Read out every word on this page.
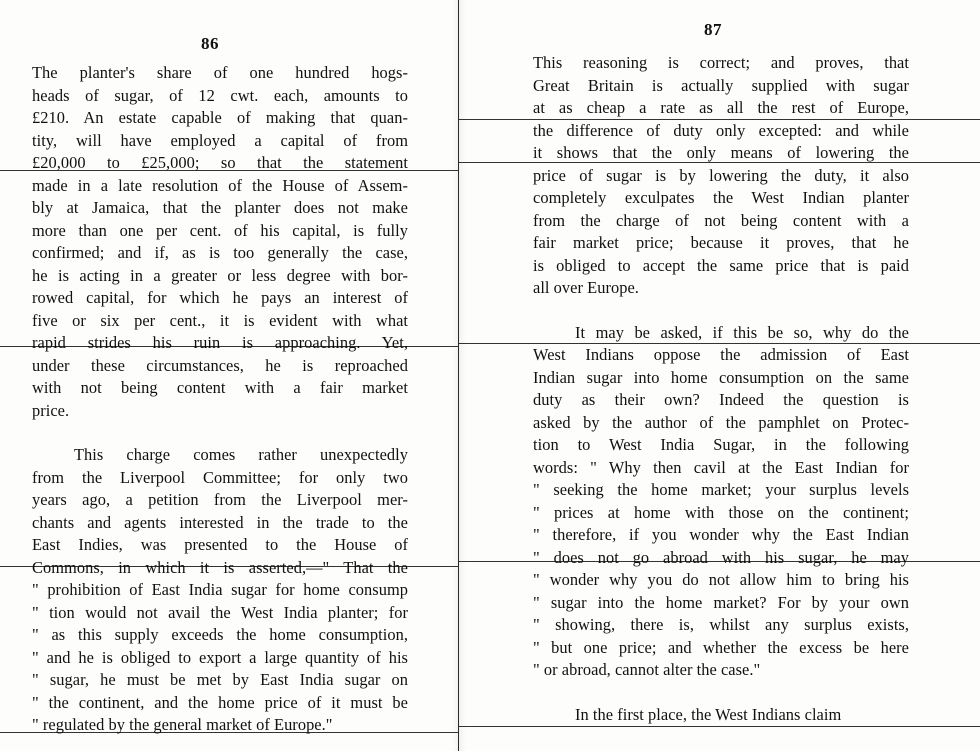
86
The planter's share of one hundred hogs-
heads of sugar, of 12 cwt. each, amounts to
£210. An estate capable of making that quan-
tity, will have employed a capital of from
£20,000 to £25,000; so that the statement
made in a late resolution of the House of Assem-
bly at Jamaica, that the planter does not make
more than one per cent. of his capital, is fully
confirmed; and if, as is too generally the case,
he is acting in a greater or less degree with bor-
rowed capital, for which he pays an interest of
five or six per cent., it is evident with what
rapid strides his ruin is approaching. Yet,
under these circumstances, he is reproached
with not being content with a fair market
price.
This charge comes rather unexpectedly
from the Liverpool Committee; for only two
years ago, a petition from the Liverpool mer-
chants and agents interested in the trade to the
East Indies, was presented to the House of
Commons, in which it is asserted,—" That the
" prohibition of East India sugar for home consump
" tion would not avail the West India planter; for
" as this supply exceeds the home consumption,
" and he is obliged to export a large quantity of his
" sugar, he must be met by East India sugar on
" the continent, and the home price of it must be
" regulated by the general market of Europe."
87
This reasoning is correct; and proves, that
Great Britain is actually supplied with sugar
at as cheap a rate as all the rest of Europe,
the difference of duty only excepted: and while
it shows that the only means of lowering the
price of sugar is by lowering the duty, it also
completely exculpates the West Indian planter
from the charge of not being content with a
fair market price; because it proves, that he
is obliged to accept the same price that is paid
all over Europe.
It may be asked, if this be so, why do the
West Indians oppose the admission of East
Indian sugar into home consumption on the same
duty as their own? Indeed the question is
asked by the author of the pamphlet on Protec-
tion to West India Sugar, in the following
words: " Why then cavil at the East Indian for
" seeking the home market; your surplus levels
" prices at home with those on the continent;
" therefore, if you wonder why the East Indian
" does not go abroad with his sugar, he may
" wonder why you do not allow him to bring his
" sugar into the home market? For by your own
" showing, there is, whilst any surplus exists,
" but one price; and whether the excess be here
" or abroad, cannot alter the case."
In the first place, the West Indians claim
